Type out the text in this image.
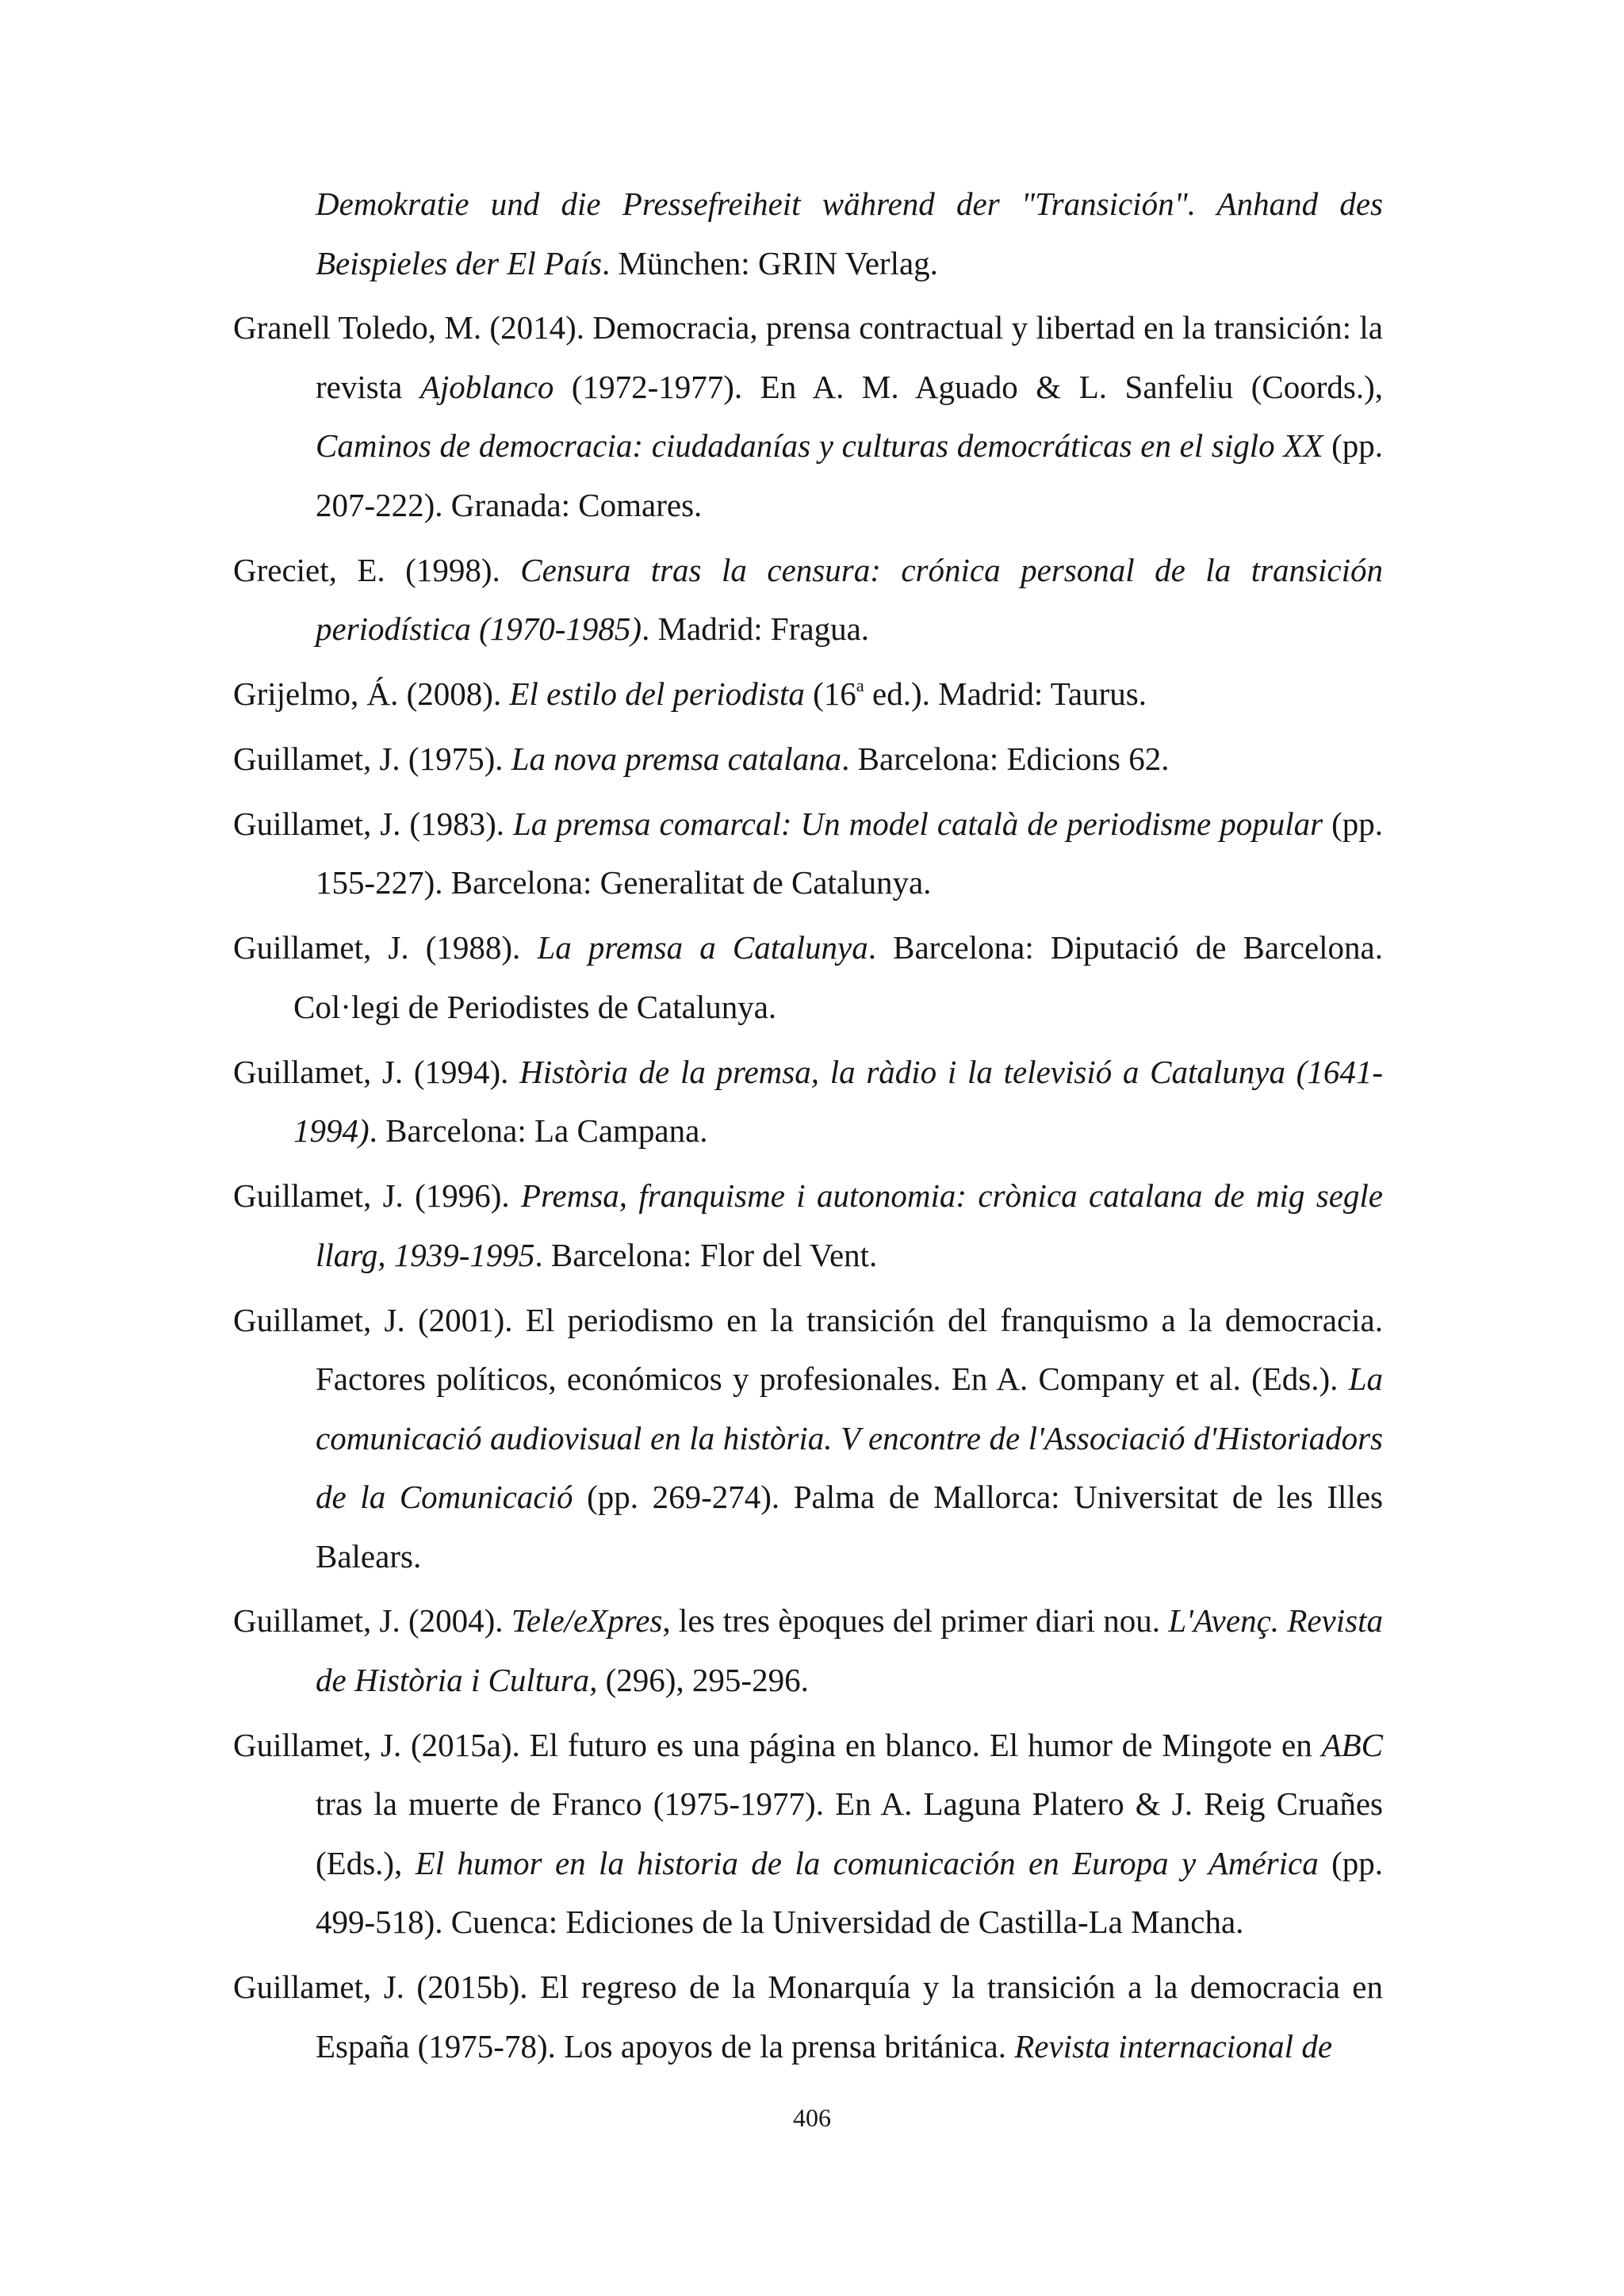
Demokratie und die Pressefreiheit während der "Transición". Anhand des Beispieles der El País. München: GRIN Verlag.

Granell Toledo, M. (2014). Democracia, prensa contractual y libertad en la transición: la revista Ajoblanco (1972-1977). En A. M. Aguado & L. Sanfeliu (Coords.), Caminos de democracia: ciudadanías y culturas democráticas en el siglo XX (pp. 207-222). Granada: Comares.

Greciet, E. (1998). Censura tras la censura: crónica personal de la transición periodística (1970-1985). Madrid: Fragua.

Grijelmo, Á. (2008). El estilo del periodista (16$^a$ ed.). Madrid: Taurus.

Guillamet, J. (1975). La nova premsa catalana. Barcelona: Edicions 62.

Guillamet, J. (1983). La premsa comarcal: Un model català de periodisme popular (pp. 155-227). Barcelona: Generalitat de Catalunya.

Guillamet, J. (1988). La premsa a Catalunya. Barcelona: Diputació de Barcelona. Col·legi de Periodistes de Catalunya.

Guillamet, J. (1994). Història de la premsa, la ràdio i la televisió a Catalunya (1641-1994). Barcelona: La Campana.

Guillamet, J. (1996). Premsa, franquisme i autonomia: crònica catalana de mig segle llarg, 1939-1995. Barcelona: Flor del Vent.

Guillamet, J. (2001). El periodismo en la transición del franquismo a la democracia. Factores políticos, económicos y profesionales. En A. Company et al. (Eds.). La comunicació audiovisual en la història. V encontre de l'Associació d'Historiadors de la Comunicació (pp. 269-274). Palma de Mallorca: Universitat de les Illes Balears.

Guillamet, J. (2004). Tele/eXpres, les tres èpoques del primer diari nou. L'Avenç. Revista de Història i Cultura, (296), 295-296.

Guillamet, J. (2015a). El futuro es una página en blanco. El humor de Mingote en ABC tras la muerte de Franco (1975-1977). En A. Laguna Platero & J. Reig Cruañes (Eds.), El humor en la historia de la comunicación en Europa y América (pp. 499-518). Cuenca: Ediciones de la Universidad de Castilla-La Mancha.

Guillamet, J. (2015b). El regreso de la Monarquía y la transición a la democracia en España (1975-78). Los apoyos de la prensa británica. Revista internacional de

406
